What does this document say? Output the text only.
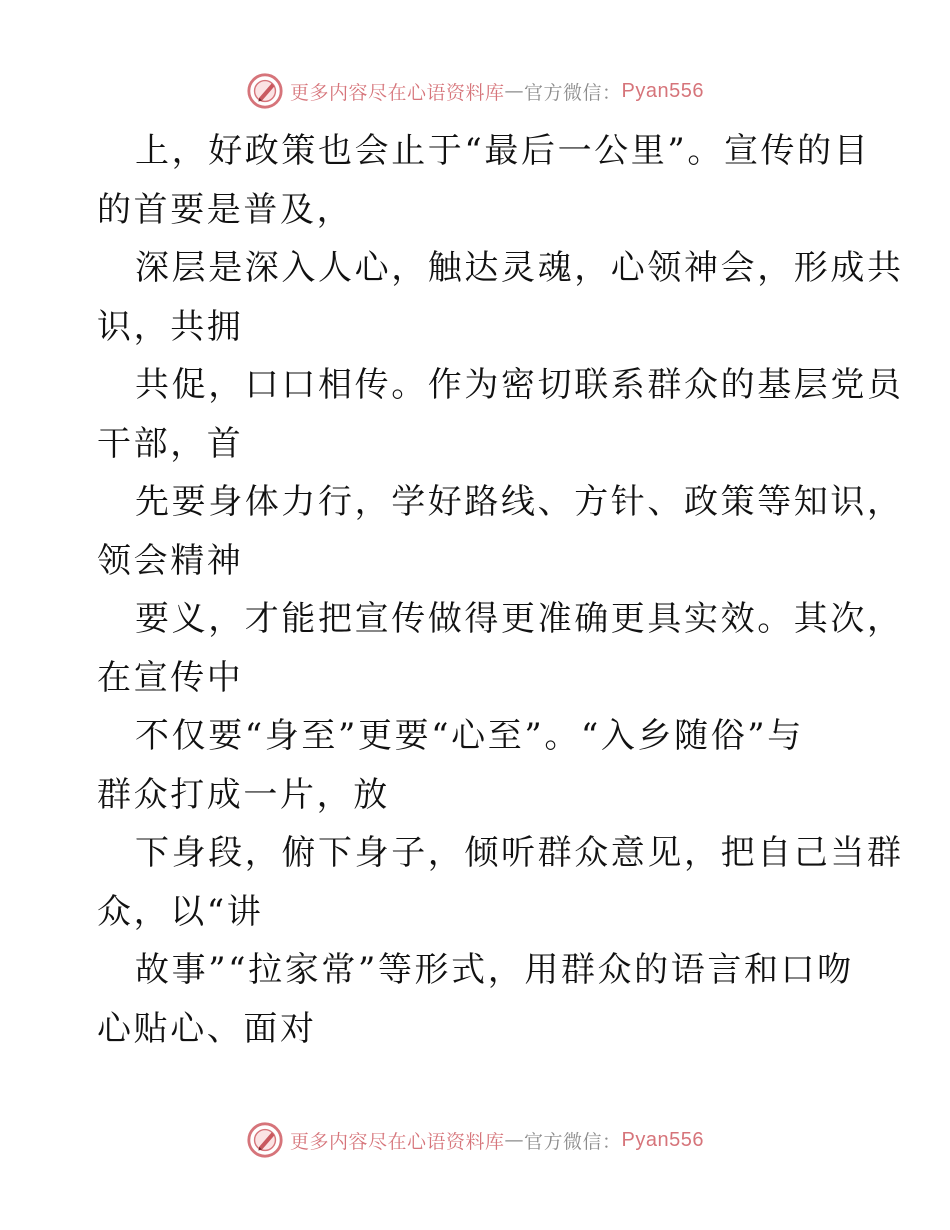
更多内容尽在心语资料库 — 官方微信： Pyan556

上，好政策也会止于“最后一公里”。宣传的目
的首要是普及，

深层是深入人心，触达灵魂，心领神会，形成共
识，共拥

共促，口口相传。作为密切联系群众的基层党员
干部，首

先要身体力行，学好路线、方针、政策等知识，
领会精神

要义，才能把宣传做得更准确更具实效。其次，
在宣传中

不仅要“身至”更要“心至”。“入乡随俗”与
群众打成一片，放

下身段，俯下身子，倾听群众意见，把自己当群
众，以“讲

故事”“拉家常”等形式，用群众的语言和口吻
心贴心、面对

更多内容尽在心语资料库 — 官方微信： Pyan556
